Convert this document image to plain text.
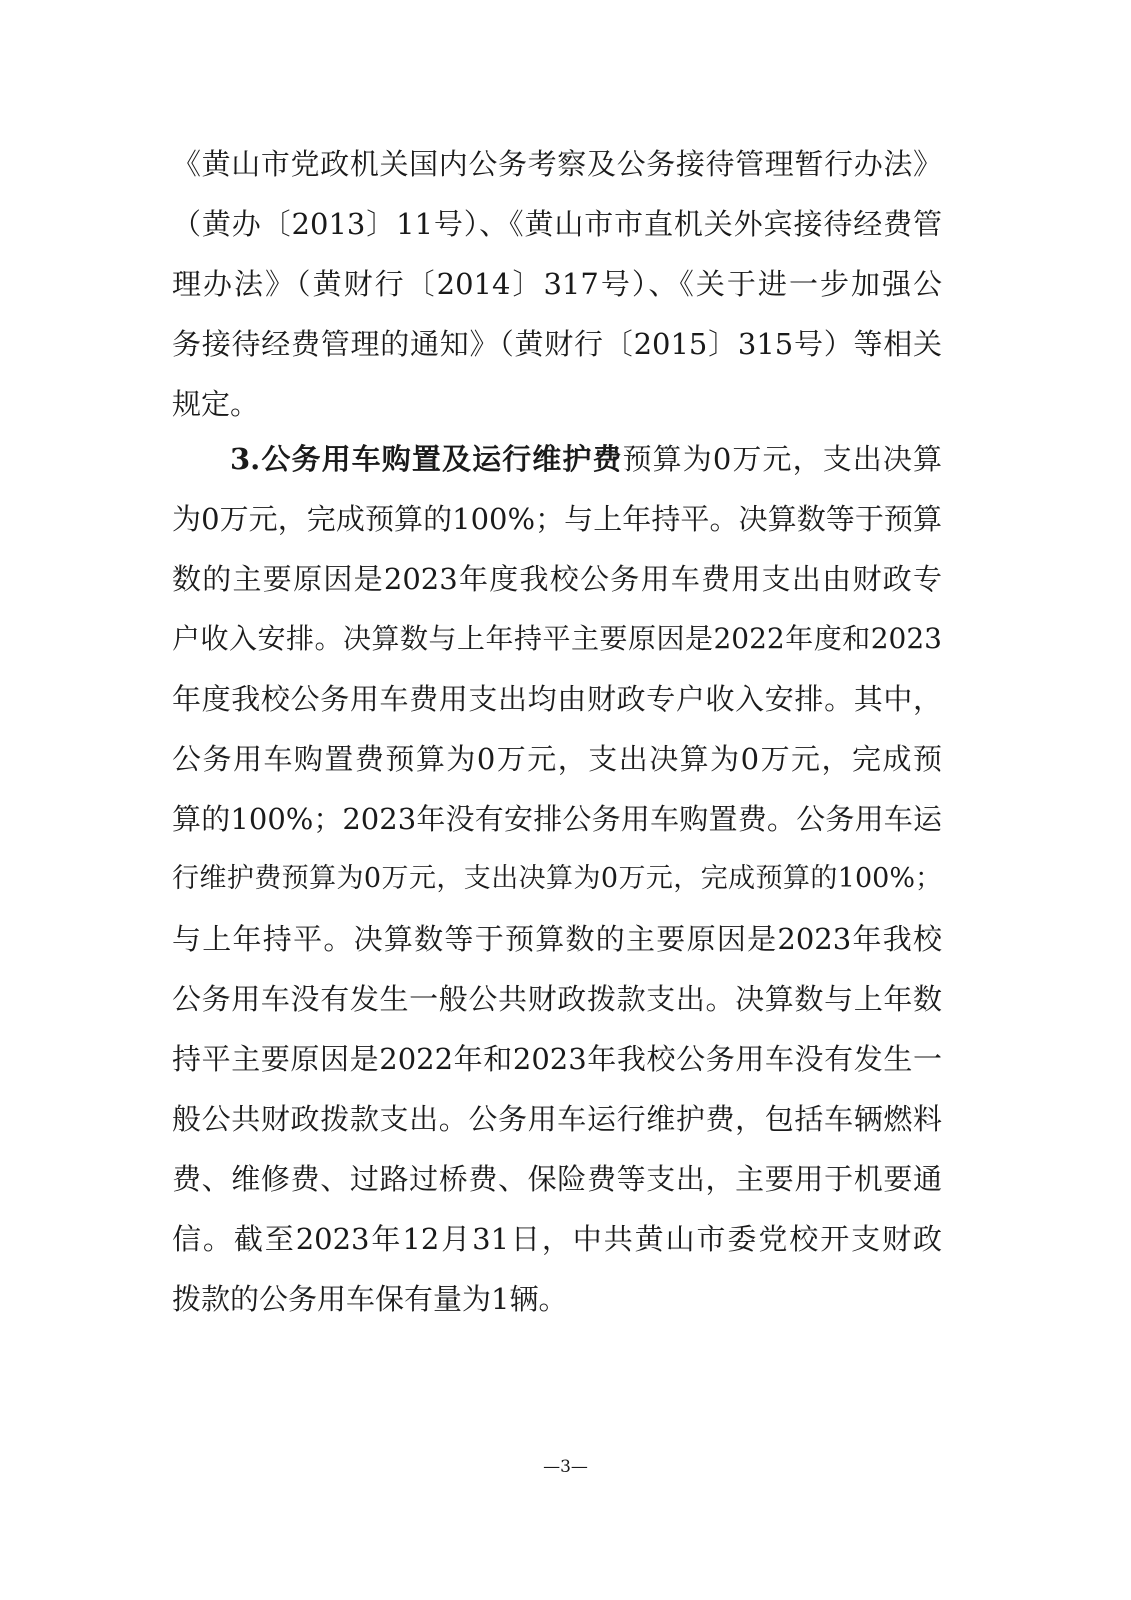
《黄山市党政机关国内公务考察及公务接待管理暂行办法》
（黄办〔2013〕11号）、《黄山市市直机关外宾接待经费管
理办法》（黄财行〔2014〕317号）、《关于进一步加强公
务接待经费管理的通知》（黄财行〔2015〕315号）等相关
规定。
3.公务用车购置及运行维护费预算为0万元，支出决算
为0万元，完成预算的100%；与上年持平。决算数等于预算
数的主要原因是2023年度我校公务用车费用支出由财政专
户收入安排。决算数与上年持平主要原因是2022年度和2023
年度我校公务用车费用支出均由财政专户收入安排。其中，
公务用车购置费预算为0万元，支出决算为0万元，完成预
算的100%；2023年没有安排公务用车购置费。公务用车运
行维护费预算为0万元，支出决算为0万元，完成预算的100%；
与上年持平。决算数等于预算数的主要原因是2023年我校
公务用车没有发生一般公共财政拨款支出。决算数与上年数
持平主要原因是2022年和2023年我校公务用车没有发生一
般公共财政拨款支出。公务用车运行维护费，包括车辆燃料
费、维修费、过路过桥费、保险费等支出，主要用于机要通
信。截至2023年12月31日，中共黄山市委党校开支财政
拨款的公务用车保有量为1辆。
—3—
